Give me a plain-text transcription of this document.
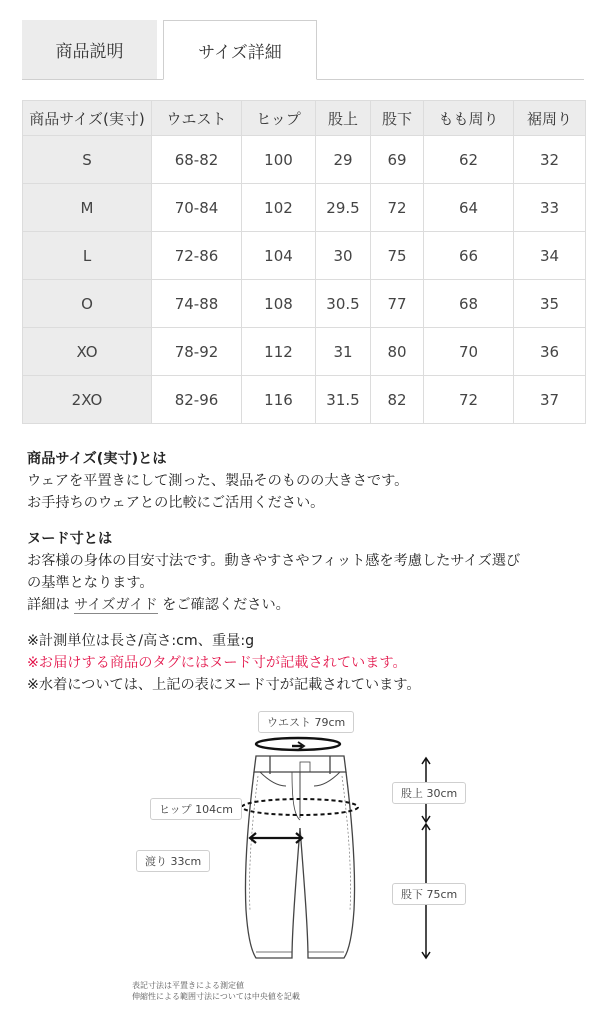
商品説明	サイズ詳細
商品サイズ(実寸)	ウエスト	ヒップ	股上	股下	もも周り	裾周り
S	68-82	100	29	69	62	32
M	70-84	102	29.5	72	64	33
L	72-86	104	30	75	66	34
O	74-88	108	30.5	77	68	35
XO	78-92	112	31	80	70	36
2XO	82-96	116	31.5	82	72	37
商品サイズ(実寸)とは
ウェアを平置きにして測った、製品そのものの大きさです。
お手持ちのウェアとの比較にご活用ください。
ヌード寸とは
お客様の身体の目安寸法です。動きやすさやフィット感を考慮したサイズ選び
の基準となります。
詳細は サイズガイド をご確認ください。
※計測単位は長さ/高さ:cm、重量:g
※お届けする商品のタグにはヌード寸が記載されています。
※水着については、上記の表にヌード寸が記載されています。
ウエスト 79cm
ヒップ 104cm
渡り 33cm
股上 30cm
股下 75cm
表記寸法は平置きによる測定値
伸縮性による範囲寸法については中央値を記載
